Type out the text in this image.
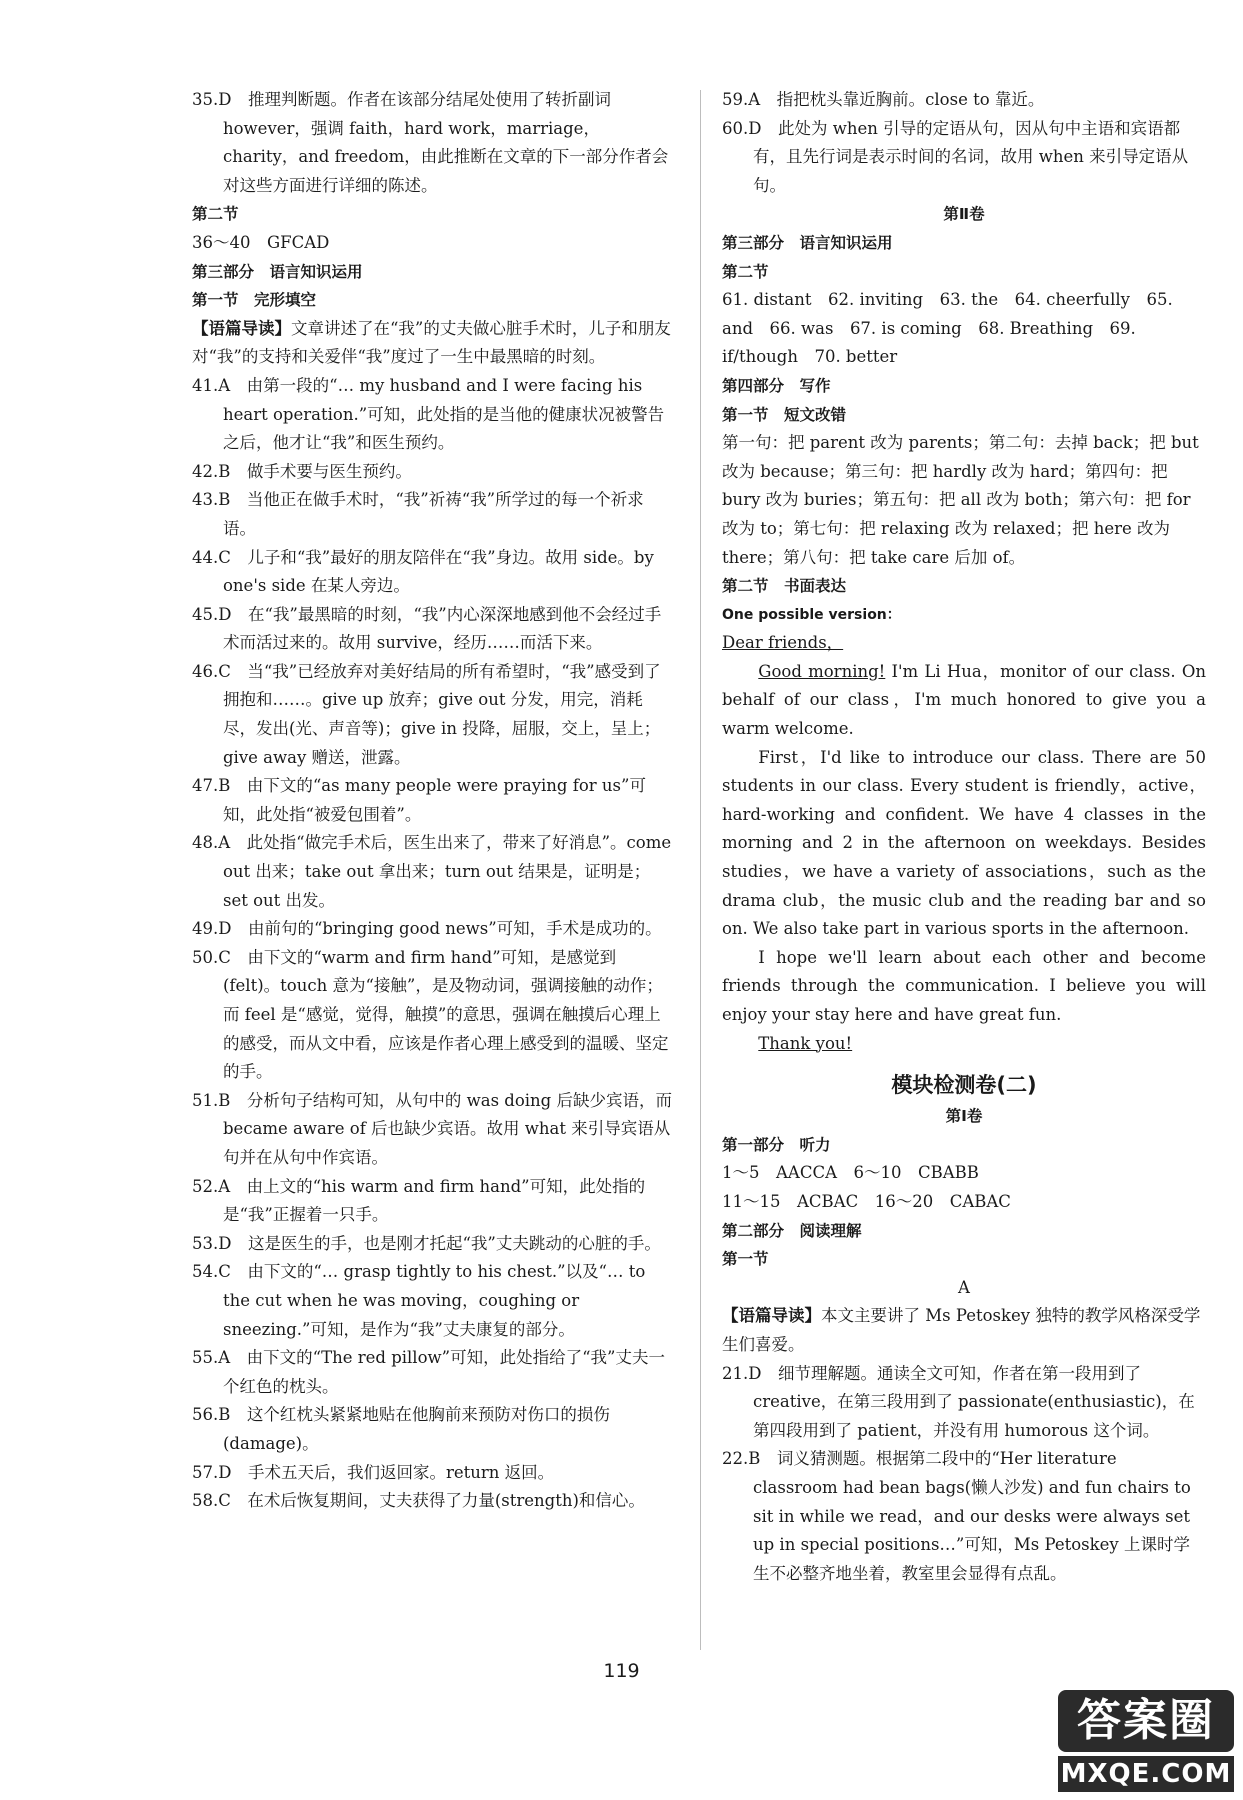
35.D　推理判断题。作者在该部分结尾处使用了转折副词 however，强调 faith，hard work，marriage，charity，and freedom，由此推断在文章的下一部分作者会对这些方面进行详细的陈述。
第二节
36～40　GFCAD
第三部分　语言知识运用
第一节　完形填空
【语篇导读】文章讲述了在“我”的丈夫做心脏手术时，儿子和朋友对“我”的支持和关爱伴“我”度过了一生中最黑暗的时刻。
41.A　由第一段的“… my husband and I were facing his heart operation.”可知，此处指的是当他的健康状况被警告之后，他才让“我”和医生预约。
42.B　做手术要与医生预约。
43.B　当他正在做手术时，“我”祈祷“我”所学过的每一个祈求语。
44.C　儿子和“我”最好的朋友陪伴在“我”身边。故用 side。by one's side 在某人旁边。
45.D　在“我”最黑暗的时刻，“我”内心深深地感到他不会经过手术而活过来的。故用 survive，经历……而活下来。
46.C　当“我”已经放弃对美好结局的所有希望时，“我”感受到了拥抱和……。give up 放弃；give out 分发，用完，消耗尽，发出(光、声音等)；give in 投降，屈服，交上，呈上；give away 赠送，泄露。
47.B　由下文的“as many people were praying for us”可知，此处指“被爱包围着”。
48.A　此处指“做完手术后，医生出来了，带来了好消息”。come out 出来；take out 拿出来；turn out 结果是，证明是；set out 出发。
49.D　由前句的“bringing good news”可知，手术是成功的。
50.C　由下文的“warm and firm hand”可知，是感觉到(felt)。touch 意为“接触”，是及物动词，强调接触的动作；而 feel 是“感觉，觉得，触摸”的意思，强调在触摸后心理上的感受，而从文中看，应该是作者心理上感受到的温暖、坚定的手。
51.B　分析句子结构可知，从句中的 was doing 后缺少宾语，而 became aware of 后也缺少宾语。故用 what 来引导宾语从句并在从句中作宾语。
52.A　由上文的“his warm and firm hand”可知，此处指的是“我”正握着一只手。
53.D　这是医生的手，也是刚才托起“我”丈夫跳动的心脏的手。
54.C　由下文的“… grasp tightly to his chest.”以及“… to the cut when he was moving，coughing or sneezing.”可知，是作为“我”丈夫康复的部分。
55.A　由下文的“The red pillow”可知，此处指给了“我”丈夫一个红色的枕头。
56.B　这个红枕头紧紧地贴在他胸前来预防对伤口的损伤(damage)。
57.D　手术五天后，我们返回家。return 返回。
58.C　在术后恢复期间，丈夫获得了力量(strength)和信心。
59.A　指把枕头靠近胸前。close to 靠近。
60.D　此处为 when 引导的定语从句，因从句中主语和宾语都有，且先行词是表示时间的名词，故用 when 来引导定语从句。
第Ⅱ卷
第三部分　语言知识运用
第二节
61. distant　62. inviting　63. the　64. cheerfully　65. and　66. was　67. is coming　68. Breathing　69. if/though　70. better
第四部分　写作
第一节　短文改错
第一句：把 parent 改为 parents；第二句：去掉 back；把 but 改为 because；第三句：把 hardly 改为 hard；第四句：把 bury 改为 buries；第五句：把 all 改为 both；第六句：把 for 改为 to；第七句：把 relaxing 改为 relaxed；把 here 改为 there；第八句：把 take care 后加 of。
第二节　书面表达
One possible version：
Dear friends，
Good morning! I'm Li Hua，monitor of our class. On behalf of our class，I'm much honored to give you a warm welcome.
First，I'd like to introduce our class. There are 50 students in our class. Every student is friendly，active，hard-working and confident. We have 4 classes in the morning and 2 in the afternoon on weekdays. Besides studies，we have a variety of associations，such as the drama club，the music club and the reading bar and so on. We also take part in various sports in the afternoon.
I hope we'll learn about each other and become friends through the communication. I believe you will enjoy your stay here and have great fun.
Thank you!
模块检测卷(二)
第Ⅰ卷
第一部分　听力
1～5　AACCA　6～10　CBABB
11～15　ACBAC　16～20　CABAC
第二部分　阅读理解
第一节
A
【语篇导读】本文主要讲了 Ms Petoskey 独特的教学风格深受学生们喜爱。
21.D　细节理解题。通读全文可知，作者在第一段用到了 creative，在第三段用到了 passionate(enthusiastic)，在第四段用到了 patient，并没有用 humorous 这个词。
22.B　词义猜测题。根据第二段中的“Her literature classroom had bean bags(懒人沙发) and fun chairs to sit in while we read，and our desks were always set up in special positions…”可知，Ms Petoskey 上课时学生不必整齐地坐着，教室里会显得有点乱。
119
答案圈
MXQE.COM
